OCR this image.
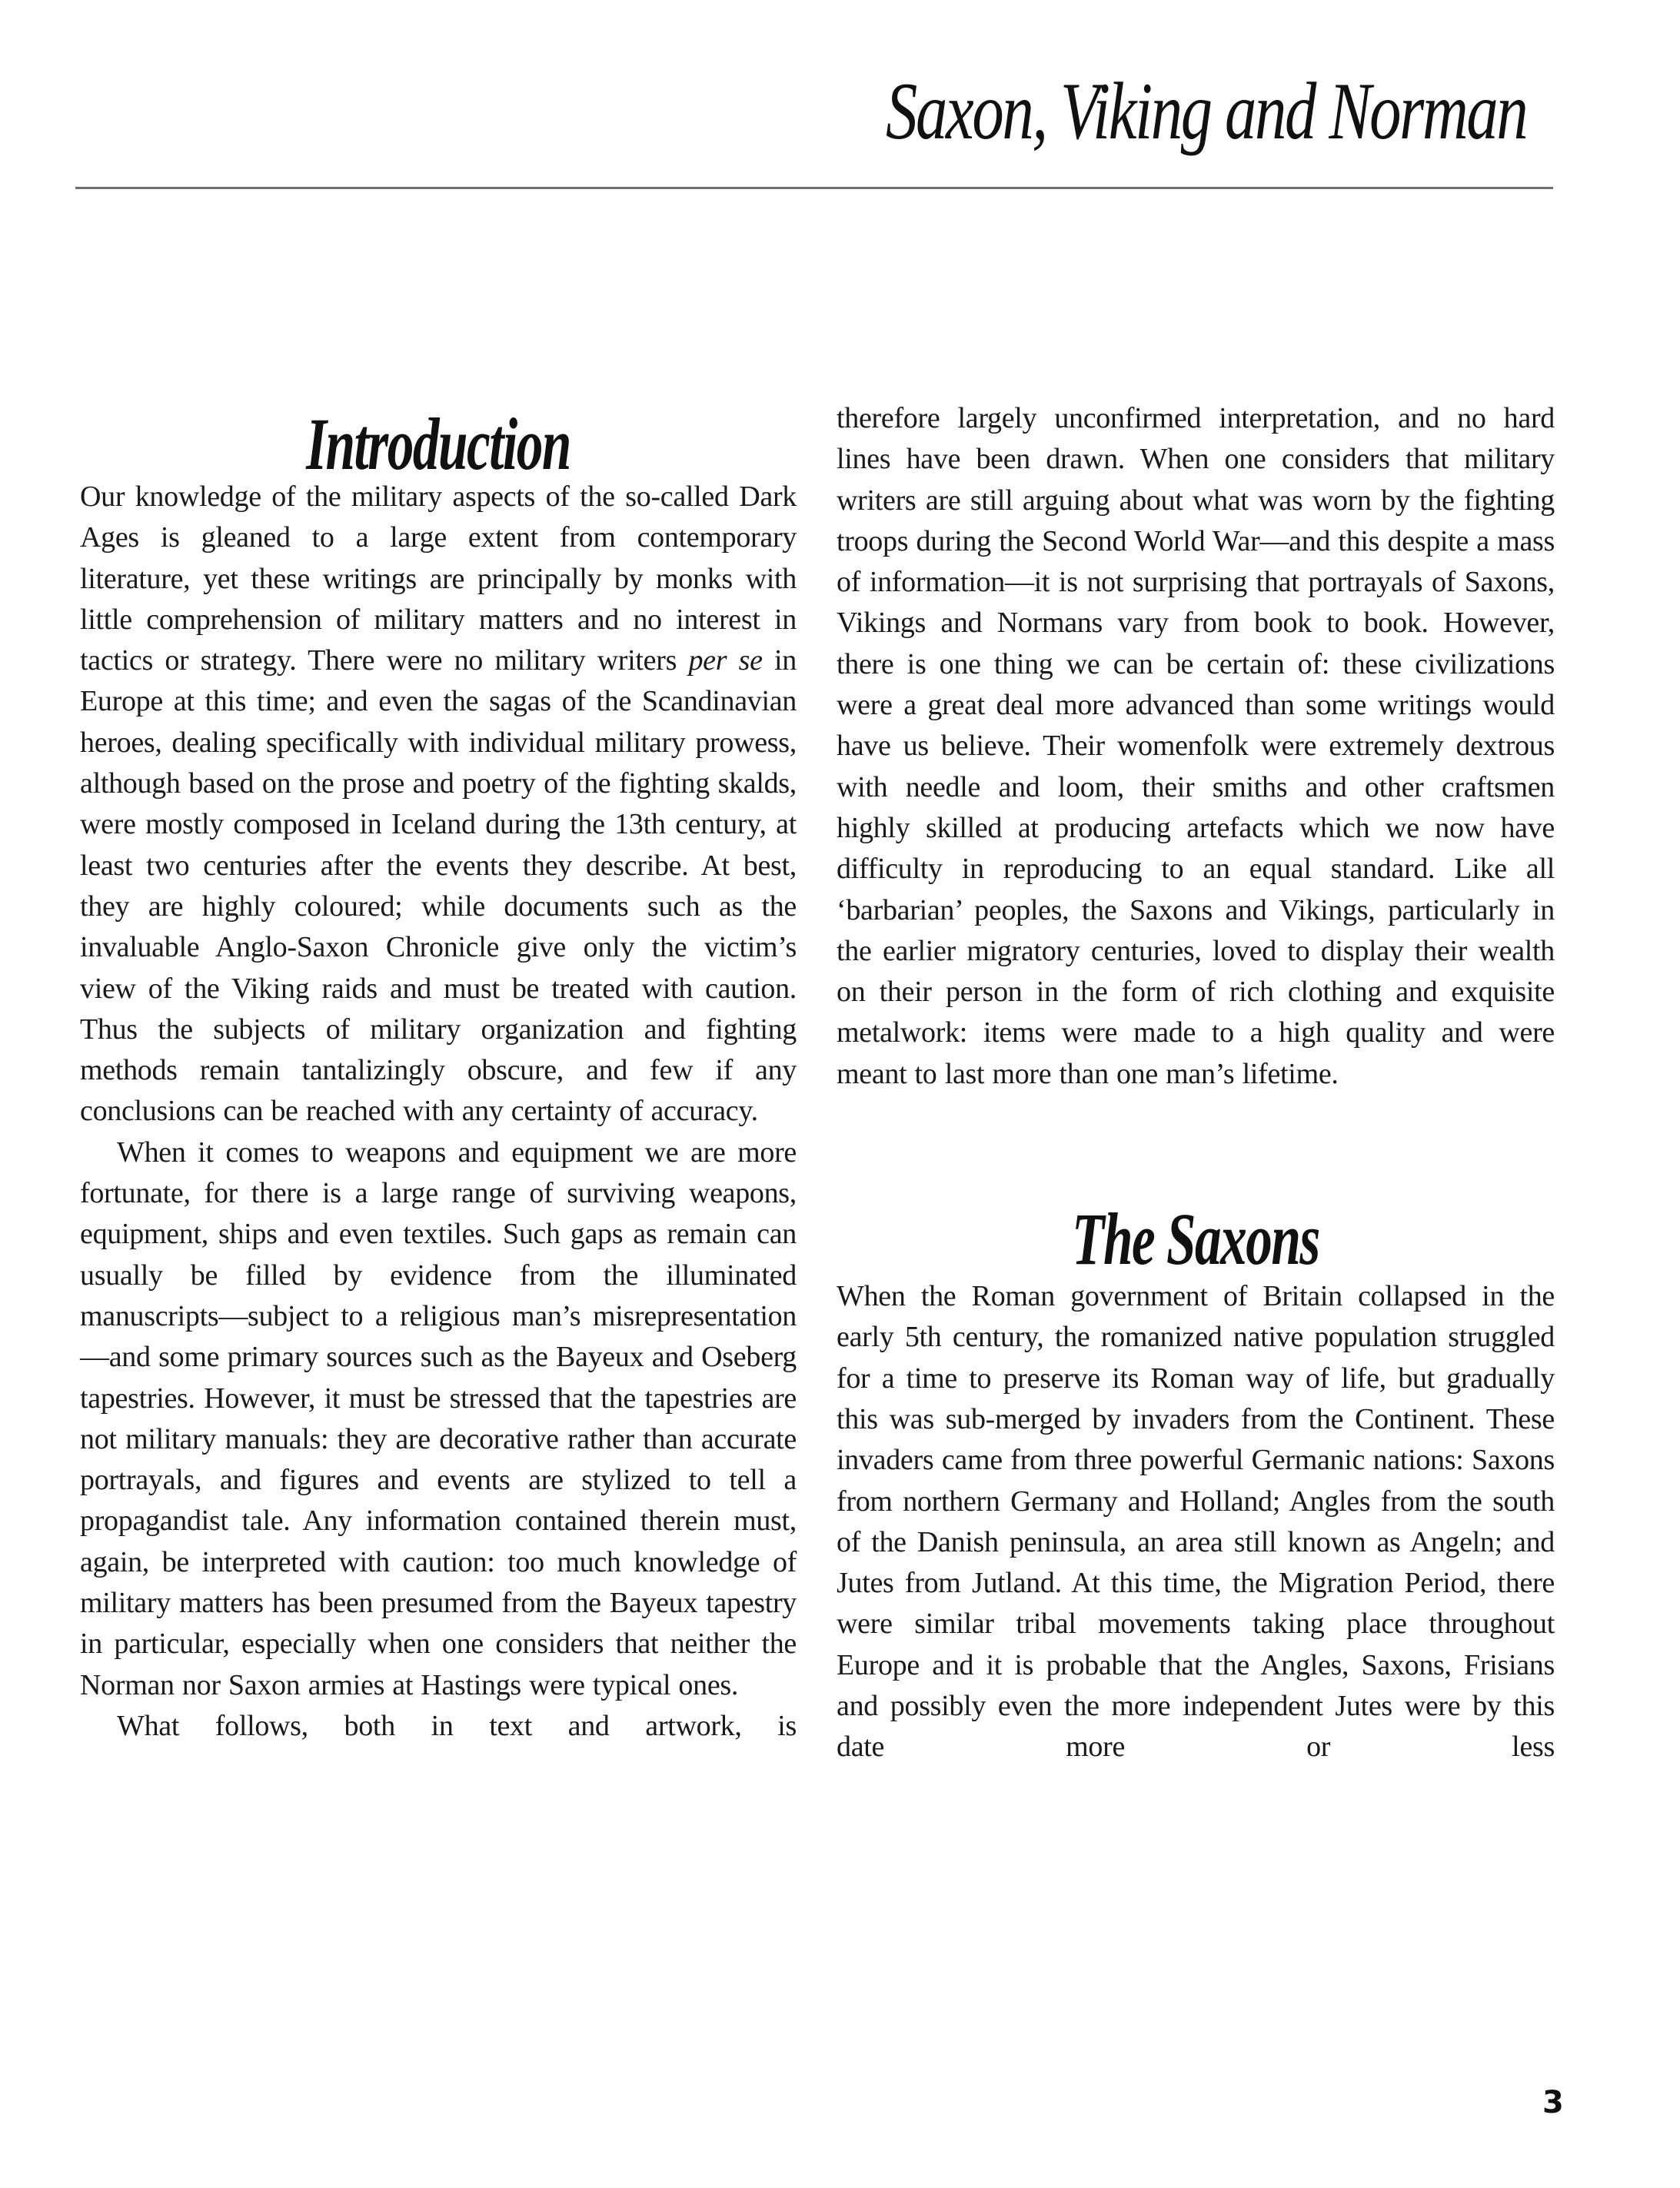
Saxon, Viking and Norman
Introduction

Our knowledge of the military aspects of the so-called Dark Ages is gleaned to a large extent from contemporary literature, yet these writings are principally by monks with little comprehension of military matters and no interest in tactics or strategy. There were no military writers per se in Europe at this time; and even the sagas of the Scandinavian heroes, dealing specifically with individual military prowess, although based on the prose and poetry of the fighting skalds, were mostly composed in Iceland during the 13th century, at least two centuries after the events they describe. At best, they are highly coloured; while documents such as the invaluable Anglo-Saxon Chronicle give only the victim’s view of the Viking raids and must be treated with caution. Thus the subjects of military organization and fighting methods remain tantalizingly obscure, and few if any conclusions can be reached with any certainty of accuracy.

When it comes to weapons and equipment we are more fortunate, for there is a large range of surviving weapons, equipment, ships and even textiles. Such gaps as remain can usually be filled by evidence from the illuminated manuscripts—subject to a religious man’s misrepresentation—and some primary sources such as the Bayeux and Oseberg tapestries. However, it must be stressed that the tapestries are not military manuals: they are decorative rather than accurate portrayals, and figures and events are stylized to tell a propagandist tale. Any information contained therein must, again, be interpreted with caution: too much knowledge of military matters has been presumed from the Bayeux tapestry in particular, especially when one considers that neither the Norman nor Saxon armies at Hastings were typical ones.

What follows, both in text and artwork, is

therefore largely unconfirmed interpretation, and no hard lines have been drawn. When one considers that military writers are still arguing about what was worn by the fighting troops during the Second World War—and this despite a mass of information—it is not surprising that portrayals of Saxons, Vikings and Normans vary from book to book. However, there is one thing we can be certain of: these civilizations were a great deal more advanced than some writings would have us believe. Their womenfolk were extremely dextrous with needle and loom, their smiths and other craftsmen highly skilled at producing artefacts which we now have difficulty in reproducing to an equal standard. Like all ‘barbarian’ peoples, the Saxons and Vikings, particularly in the earlier migratory centuries, loved to display their wealth on their person in the form of rich clothing and exquisite metalwork: items were made to a high quality and were meant to last more than one man’s lifetime.

The Saxons

When the Roman government of Britain collapsed in the early 5th century, the romanized native population struggled for a time to preserve its Roman way of life, but gradually this was sub-merged by invaders from the Continent. These invaders came from three powerful Germanic nations: Saxons from northern Germany and Holland; Angles from the south of the Danish peninsula, an area still known as Angeln; and Jutes from Jutland. At this time, the Migration Period, there were similar tribal movements taking place throughout Europe and it is probable that the Angles, Saxons, Frisians and possibly even the more independent Jutes were by this date more or less

3
